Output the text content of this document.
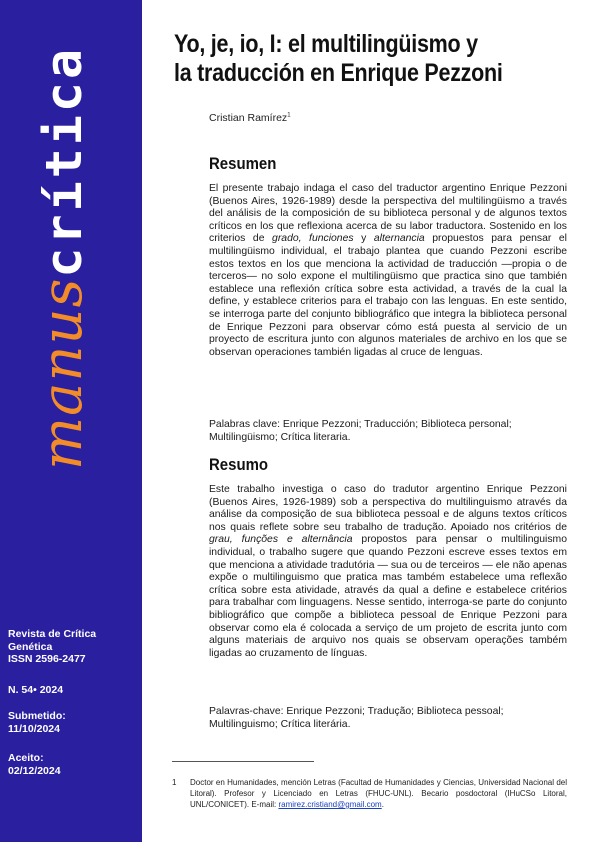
manuscrítica
Revista de Crítica Genética
ISSN 2596-2477
N. 54• 2024
Submetido:
11/10/2024
Aceito:
02/12/2024
Yo, je, io, I: el multilingüismo y
la traducción en Enrique Pezzoni
Cristian Ramírez$^1$
Resumen

El presente trabajo indaga el caso del traductor argentino Enrique Pezzoni (Buenos Aires, 1926-1989) desde la perspectiva del multilingüismo a través del análisis de la composición de su biblioteca personal y de algunos textos críticos en los que reflexiona acerca de su labor traductora. Sostenido en los criterios de grado, funciones y alternancia propuestos para pensar el multilingüismo individual, el trabajo plantea que cuando Pezzoni escribe estos textos en los que menciona la actividad de traducción —propia o de terceros— no solo expone el multilingüismo que practica sino que también establece una reflexión crítica sobre esta actividad, a través de la cual la define, y establece criterios para el trabajo con las lenguas. En este sentido, se interroga parte del conjunto bibliográfico que integra la biblioteca personal de Enrique Pezzoni para observar cómo está puesta al servicio de un proyecto de escritura junto con algunos materiales de archivo en los que se observan operaciones también ligadas al cruce de lenguas.

Palabras clave: Enrique Pezzoni; Traducción; Biblioteca personal; Multilingüismo; Crítica literaria.
Resumo

Este trabalho investiga o caso do tradutor argentino Enrique Pezzoni (Buenos Aires, 1926-1989) sob a perspectiva do multilinguismo através da análise da composição de sua biblioteca pessoal e de alguns textos críticos nos quais reflete sobre seu trabalho de tradução. Apoiado nos critérios de grau, funções e alternância propostos para pensar o multilinguismo individual, o trabalho sugere que quando Pezzoni escreve esses textos em que menciona a atividade tradutória — sua ou de terceiros — ele não apenas expõe o multilinguismo que pratica mas também estabelece uma reflexão crítica sobre esta atividade, através da qual a define e estabelece critérios para trabalhar com linguagens. Nesse sentido, interroga-se parte do conjunto bibliográfico que compõe a biblioteca pessoal de Enrique Pezzoni para observar como ela é colocada a serviço de um projeto de escrita junto com alguns materiais de arquivo nos quais se observam operações também ligadas ao cruzamento de línguas.

Palavras-chave: Enrique Pezzoni; Tradução; Biblioteca pessoal; Multilinguismo; Crítica literária.
1 Doctor en Humanidades, mención Letras (Facultad de Humanidades y Ciencias, Universidad Nacional del Litoral). Profesor y Licenciado en Letras (FHUC-UNL). Becario posdoctoral (IHuCSo Litoral, UNL/CONICET). E-mail: ramirez.cristiand@gmail.com.
